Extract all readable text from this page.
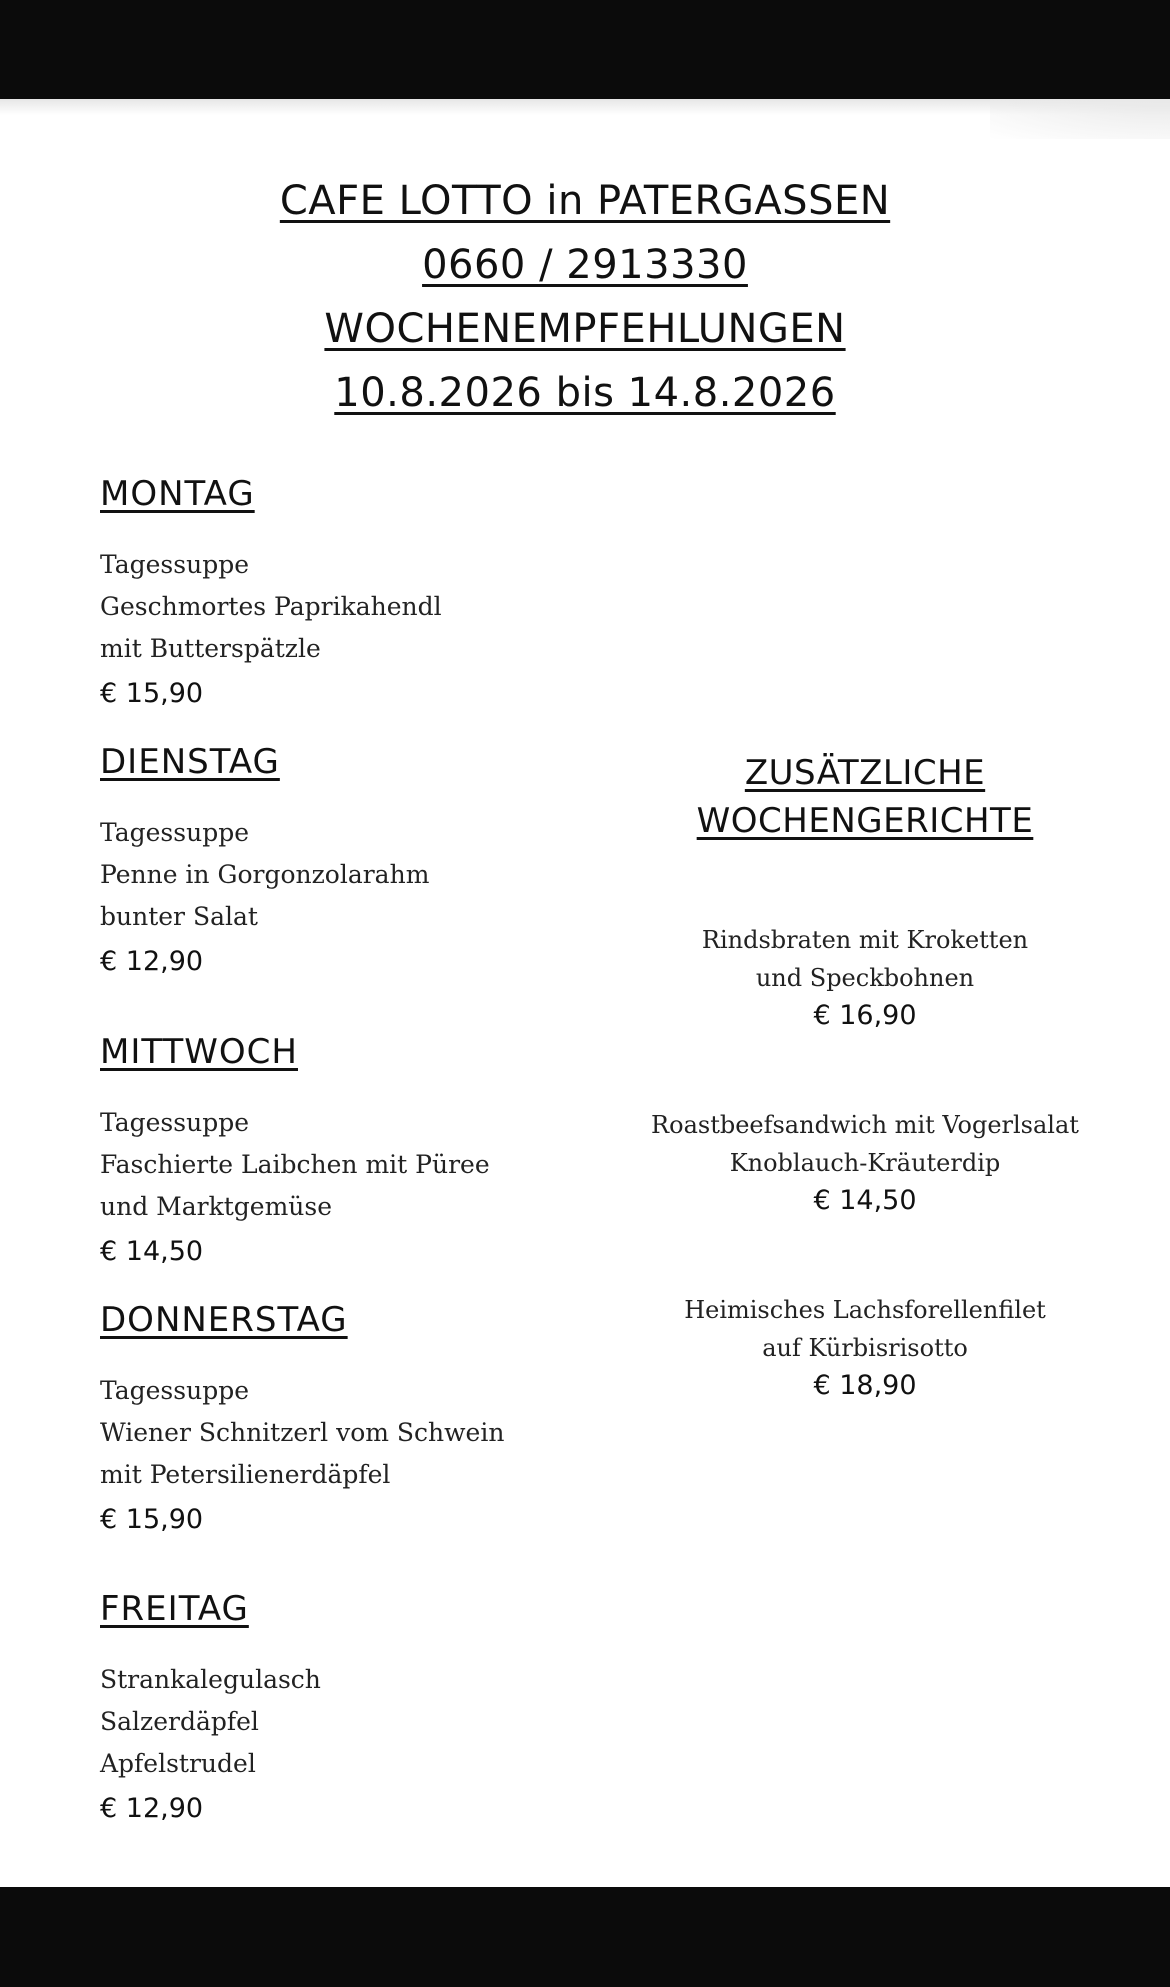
CAFE LOTTO in PATERGASSEN
0660 / 2913330
WOCHENEMPFEHLUNGEN
10.8.2026 bis 14.8.2026
MONTAG
Tagessuppe
Geschmortes Paprikahendl
mit Butterspätzle
€ 15,90
DIENSTAG
Tagessuppe
Penne in Gorgonzolarahm
bunter Salat
€ 12,90
MITTWOCH
Tagessuppe
Faschierte Laibchen mit Püree
und Marktgemüse
€ 14,50
DONNERSTAG
Tagessuppe
Wiener Schnitzerl vom Schwein
mit Petersilienerdäpfel
€ 15,90
FREITAG
Strankalegulasch
Salzerdäpfel
Apfelstrudel
€ 12,90
ZUSÄTZLICHE
WOCHENGERICHTE
Rindsbraten mit Kroketten
und Speckbohnen
€ 16,90
Roastbeefsandwich mit Vogerlsalat
Knoblauch-Kräuterdip
€ 14,50
Heimisches Lachsforellenfilet
auf Kürbisrisotto
€ 18,90
